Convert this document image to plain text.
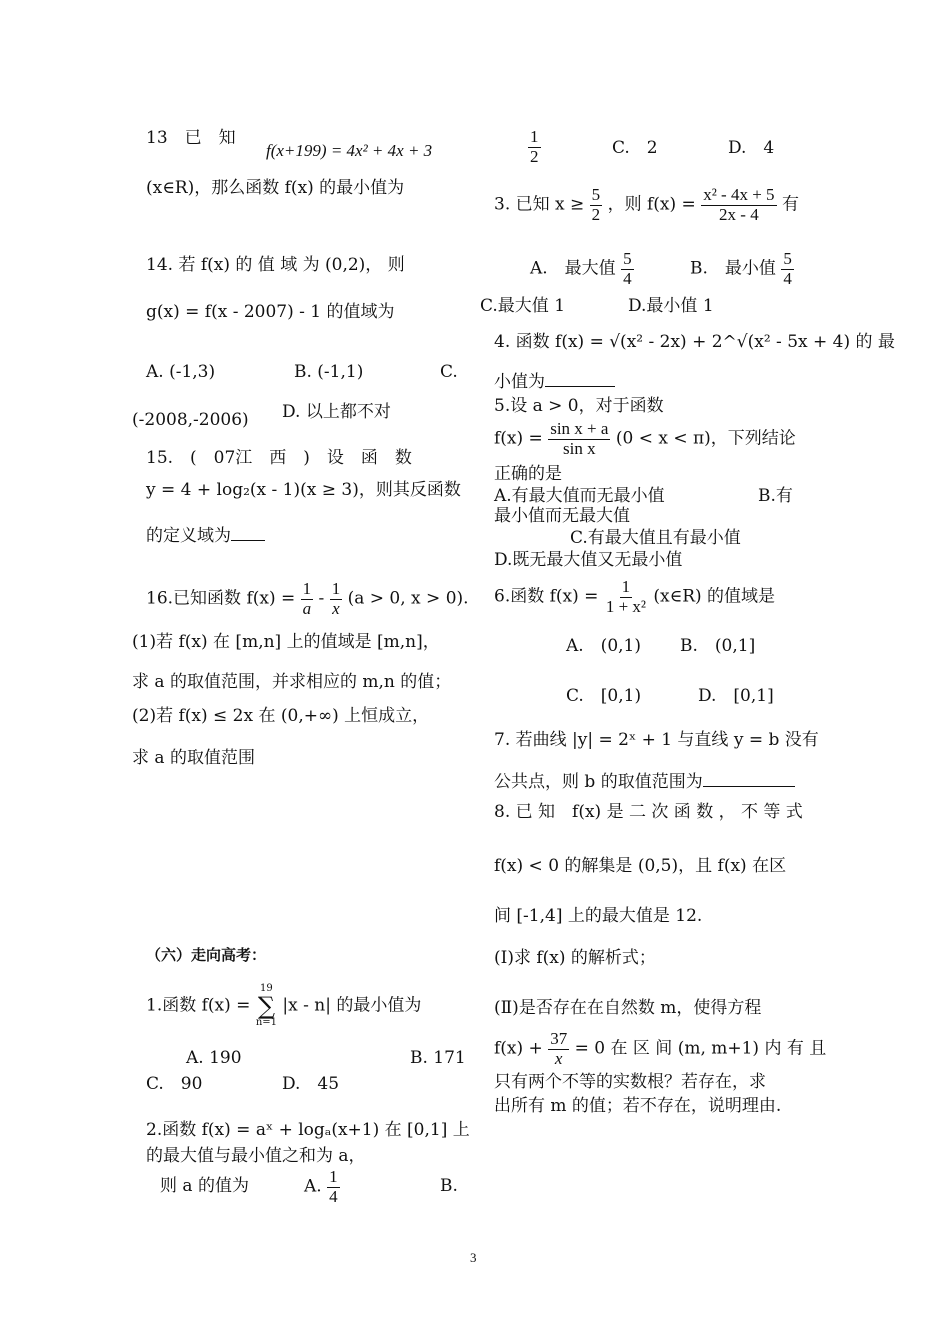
13　已　知
f(x+199) = 4x² + 4x + 3
(x∈R)，那么函数 f(x) 的最小值为
14. 若 f(x) 的 值 域 为 (0,2)， 则
g(x) = f(x - 2007) - 1 的值域为
A. (-1,3)	B. (-1,1)	C.
(-2008,-2006) D. 以上都不对
15.　(　07江　西　)　设　函　数
y = 4 + log₂(x - 1)(x ≥ 3)，则其反函数
的定义域为
16.已知函数 $f(x) = \frac{1}{a} - \frac{1}{x} (a > 0$, x > 0).
(1)若 f(x) 在 [m,n] 上的值域是 [m,n]，
求 a 的取值范围，并求相应的 m,n 的值；
(2)若 f(x) ≤ 2x 在 (0,+∞) 上恒成立，
求 a 的取值范围
（六）走向高考：
1.函数 f(x) =
19
∑
n=1
|x - n| 的最小值为
A. 190	B. 171
C.　90	D.　45
2.函数 f(x) = aˣ + logₐ(x+1) 在 [0,1] 上
的最大值与最小值之和为 a，
则 a 的值为	A. $\frac{1}{4}$	B.
$\frac{1}{2}$	C.　2	D.　4
3. 已知 $x \ge \frac{5}{2}$ ，则 $f(x) = \frac{\text{x² - 4x + 5}}{2x - 4}$ 有
A.　最大值 $\frac{5}{4}$	B.　最小值 $\frac{5}{4}$
C.最大值 1	D.最小值 1
4. 函数 f(x) = √(x² - 2x) + 2^√(x² - 5x + 4) 的 最
小值为
5.设 a > 0，对于函数
$f(x) = \frac{\text{sin x + a}}{\text{sin x}} (0 < x < \pi)$，下列结论
正确的是
A.有最大值而无最小值	B.有
最小值而无最大值
C.有最大值且有最小值
D.既无最大值又无最小值
6.函数 $f(x) = \frac{1}{\text{1 + x²}}$ (x∈R) 的值域是
A.　(0,1) B.　(0,1]
C.　[0,1)	D.　[0,1]
7. 若曲线 |y| = 2ˣ + 1 与直线 y = b 没有
公共点，则 b 的取值范围为
8. 已 知　f(x) 是 二 次 函 数 ， 不 等 式
f(x) < 0 的解集是 (0,5)，且 f(x) 在区
间 [-1,4] 上的最大值是 12.
(Ⅰ)求 f(x) 的解析式；
(Ⅱ)是否存在在自然数 m，使得方程
$f(x) + \frac{37}{x} = 0$ 在 区 间 (m, m+1) 内 有 且
只有两个不等的实数根？若存在，求
出所有 m 的值；若不存在，说明理由.
3
